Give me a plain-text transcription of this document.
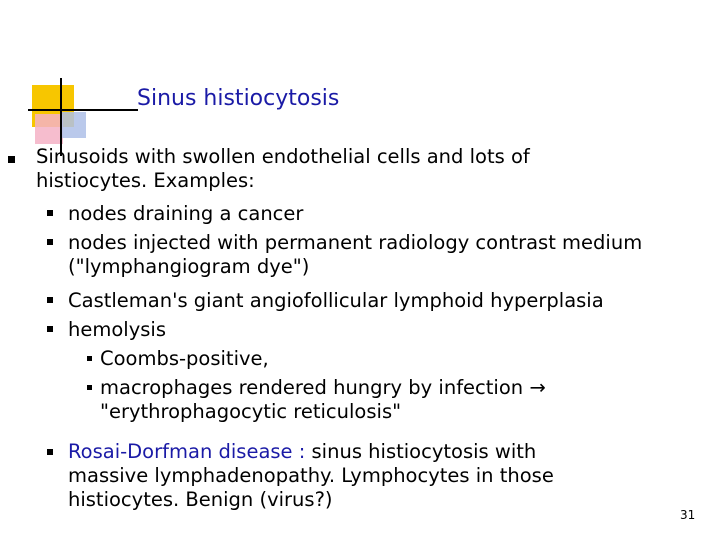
Sinus histiocytosis
Sinusoids with swollen endothelial cells and lots of
histiocytes. Examples:
nodes draining a cancer
nodes injected with permanent radiology contrast medium
("lymphangiogram dye")
Castleman's giant angiofollicular lymphoid hyperplasia
hemolysis
Coombs-positive,
macrophages rendered hungry by infection →
"erythrophagocytic reticulosis"
Rosai-Dorfman disease : sinus histiocytosis with
massive lymphadenopathy. Lymphocytes in those
histiocytes. Benign (virus?)
31
